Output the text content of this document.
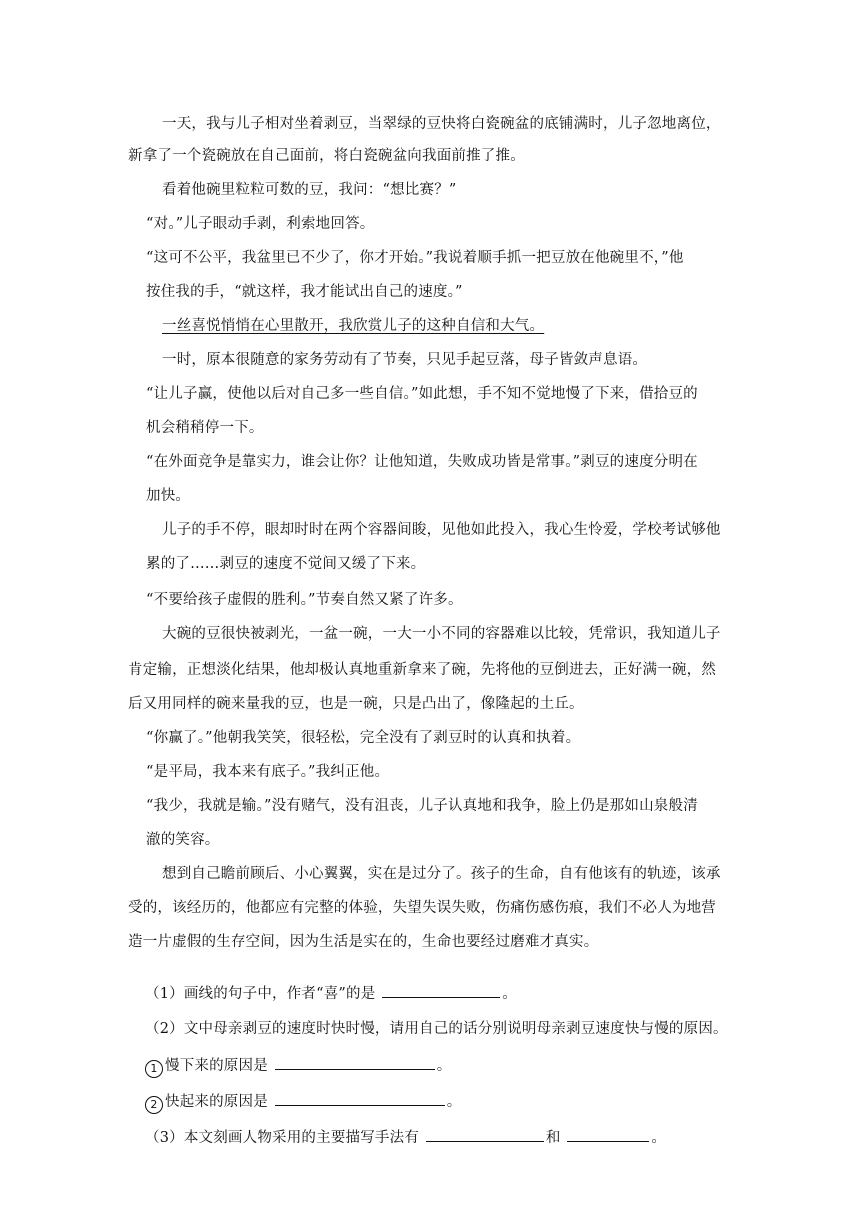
一天，我与儿子相对坐着剥豆，当翠绿的豆快将白瓷碗盆的底铺满时，儿子忽地离位，
新拿了一个瓷碗放在自己面前，将白瓷碗盆向我面前推了推。
看着他碗里粒粒可数的豆，我问：“想比赛？”
“对。”儿子眼动手剥，利索地回答。
“这可不公平，我盆里已不少了，你才开始。”我说着顺手抓一把豆放在他碗里不，”他
按住我的手，“就这样，我才能试出自己的速度。”
一丝喜悦悄悄在心里散开，我欣赏儿子的这种自信和大气。
一时，原本很随意的家务劳动有了节奏，只见手起豆落，母子皆敛声息语。
“让儿子赢，使他以后对自己多一些自信。”如此想，手不知不觉地慢了下来，借拾豆的
机会稍稍停一下。
“在外面竞争是靠实力，谁会让你？让他知道，失败成功皆是常事。”剥豆的速度分明在
加快。
儿子的手不停，眼却时时在两个容器间睃，见他如此投入，我心生怜爱，学校考试够他
累的了……剥豆的速度不觉间又缓了下来。
“不要给孩子虚假的胜利。”节奏自然又紧了许多。
大碗的豆很快被剥光，一盆一碗，一大一小不同的容器难以比较，凭常识，我知道儿子
肯定输，正想淡化结果，他却极认真地重新拿来了碗，先将他的豆倒进去，正好满一碗，然
后又用同样的碗来量我的豆，也是一碗，只是凸出了，像隆起的土丘。
“你赢了。”他朝我笑笑，很轻松，完全没有了剥豆时的认真和执着。
“是平局，我本来有底子。”我纠正他。
“我少，我就是输。”没有赌气，没有沮丧，儿子认真地和我争，脸上仍是那如山泉般清
澈的笑容。
想到自己瞻前顾后、小心翼翼，实在是过分了。孩子的生命，自有他该有的轨迹，该承
受的，该经历的，他都应有完整的体验，失望失误失败，伤痛伤感伤痕，我们不必人为地营
造一片虚假的生存空间，因为生活是实在的，生命也要经过磨难才真实。
（1）画线的句子中，作者“喜”的是	。
（2）文中母亲剥豆的速度时快时慢，请用自己的话分别说明母亲剥豆速度快与慢的原因。
1 慢下来的原因是	。
2 快起来的原因是	。
（3）本文刻画人物采用的主要描写手法有	和	。
